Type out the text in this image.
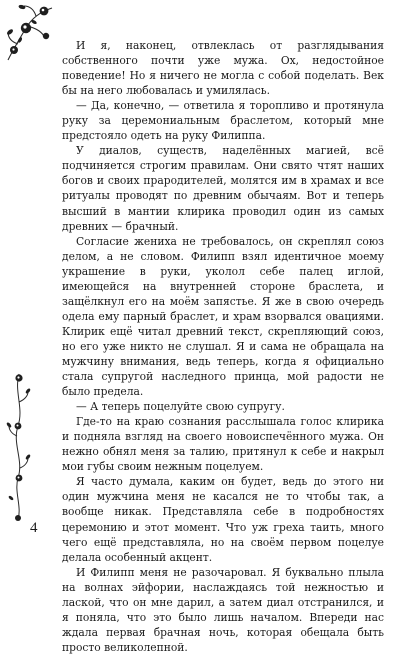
И я, наконец, отвлеклась от разглядывания собственного почти уже мужа. Ох, недостойное поведение! Но я ничего не могла с собой поделать. Век бы на него любовалась и умилялась.

— Да, конечно, — ответила я торопливо и протянула руку за церемониальным браслетом, который мне предстояло одеть на руку Филиппа.

У диалов, существ, наделённых магией, всё подчиняется строгим правилам. Они свято чтят наших богов и своих прародителей, молятся им в храмах и все ритуалы проводят по древним обычаям. Вот и теперь высший в мантии клирика проводил один из самых древних — брачный.

Согласие жениха не требовалось, он скреплял союз делом, а не словом. Филипп взял идентичное моему украшение в руки, уколол себе палец иглой, имеющейся на внутренней стороне браслета, и защёлкнул его на моём запястье. Я же в свою очередь одела ему парный браслет, и храм взорвался овациями. Клирик ещё читал древний текст, скрепляющий союз, но его уже никто не слушал. Я и сама не обращала на мужчину внимания, ведь теперь, когда я официально стала супругой наследного принца, мой радости не было предела.

— А теперь поцелуйте свою супругу.

Где-то на краю сознания расслышала голос клирика и подняла взгляд на своего новоиспечённого мужа. Он нежно обнял меня за талию, притянул к себе и накрыл мои губы своим нежным поцелуем.

Я часто думала, каким он будет, ведь до этого ни один мужчина меня не касался не то чтобы так, а вообще никак. Представляла себе в подробностях церемонию и этот момент. Что уж греха таить, много чего ещё представляла, но на своём первом поцелуе делала особенный акцент.

И Филипп меня не разочаровал. Я буквально плыла на волнах эйфории, наслаждаясь той нежностью и лаской, что он мне дарил, а затем диал отстранился, и я поняла, что это было лишь началом. Впереди нас ждала первая брачная ночь, которая обещала быть просто великолепной.

4
